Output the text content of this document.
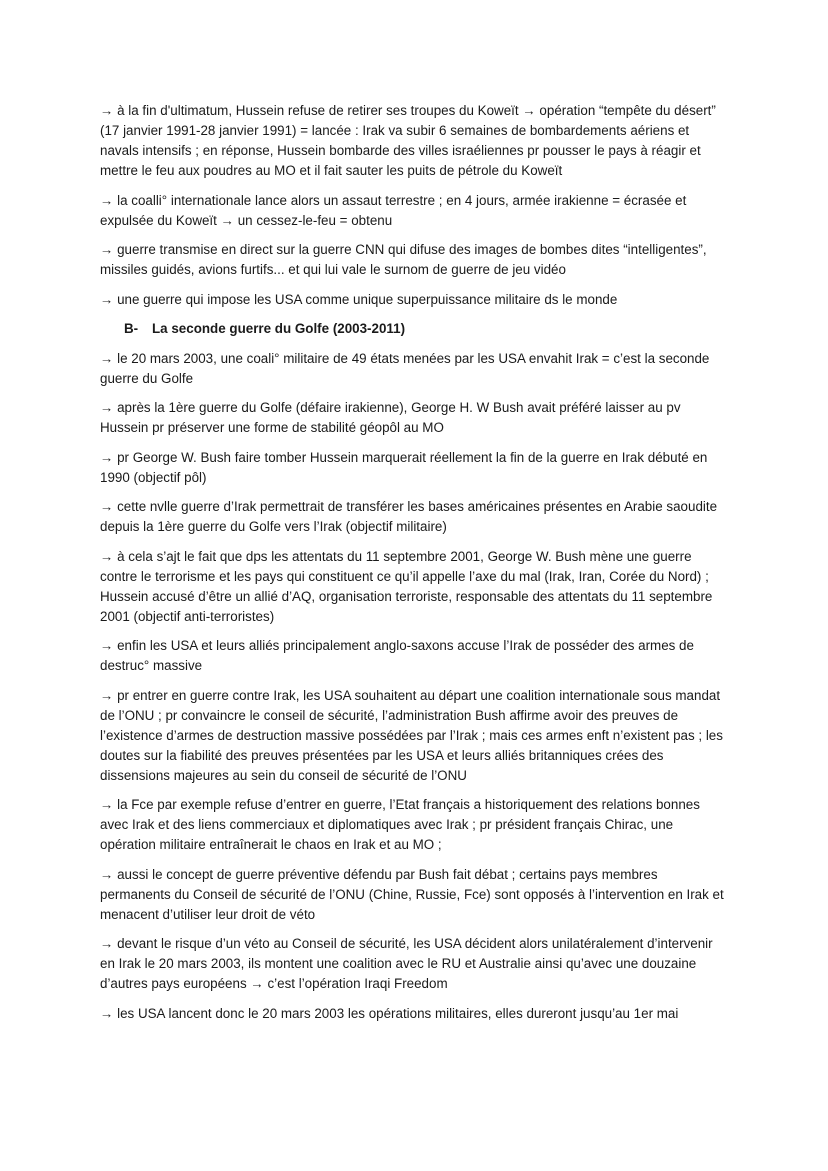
→ à la fin d'ultimatum, Hussein refuse de retirer ses troupes du Koweït → opération “tempête du désert” (17 janvier 1991-28 janvier 1991) = lancée : Irak va subir 6 semaines de bombardements aériens et navals intensifs ; en réponse, Hussein bombarde des villes israéliennes pr pousser le pays à réagir et mettre le feu aux poudres au MO et il fait sauter les puits de pétrole du Koweït

→ la coalli° internationale lance alors un assaut terrestre ; en 4 jours, armée irakienne = écrasée et expulsée du Koweït → un cessez-le-feu = obtenu

→ guerre transmise en direct sur la guerre CNN qui difuse des images de bombes dites “intelligentes”, missiles guidés, avions furtifs... et qui lui vale le surnom de guerre de jeu vidéo

→ une guerre qui impose les USA comme unique superpuissance militaire ds le monde

B- La seconde guerre du Golfe (2003-2011)

→ le 20 mars 2003, une coali° militaire de 49 états menées par les USA envahit Irak = c’est la seconde guerre du Golfe

→ après la 1ère guerre du Golfe (défaire irakienne), George H. W Bush avait préféré laisser au pv Hussein pr préserver une forme de stabilité géopôl au MO

→ pr George W. Bush faire tomber Hussein marquerait réellement la fin de la guerre en Irak débuté en 1990 (objectif pôl)

→ cette nvlle guerre d’Irak permettrait de transférer les bases américaines présentes en Arabie saoudite depuis la 1ère guerre du Golfe vers l’Irak (objectif militaire)

→ à cela s’ajt le fait que dps les attentats du 11 septembre 2001, George W. Bush mène une guerre contre le terrorisme et les pays qui constituent ce qu’il appelle l’axe du mal (Irak, Iran, Corée du Nord) ; Hussein accusé d’être un allié d’AQ, organisation terroriste, responsable des attentats du 11 septembre 2001 (objectif anti-terroristes)

→ enfin les USA et leurs alliés principalement anglo-saxons accuse l’Irak de posséder des armes de destruc° massive

→ pr entrer en guerre contre Irak, les USA souhaitent au départ une coalition internationale sous mandat de l’ONU ; pr convaincre le conseil de sécurité, l’administration Bush affirme avoir des preuves de l’existence d’armes de destruction massive possédées par l’Irak ; mais ces armes enft n’existent pas ; les doutes sur la fiabilité des preuves présentées par les USA et leurs alliés britanniques crées des dissensions majeures au sein du conseil de sécurité de l’ONU

→ la Fce par exemple refuse d’entrer en guerre, l’Etat français a historiquement des relations bonnes avec Irak et des liens commerciaux et diplomatiques avec Irak ; pr président français Chirac, une opération militaire entraînerait le chaos en Irak et au MO ;

→ aussi le concept de guerre préventive défendu par Bush fait débat ; certains pays membres permanents du Conseil de sécurité de l’ONU (Chine, Russie, Fce) sont opposés à l’intervention en Irak et menacent d’utiliser leur droit de véto

→ devant le risque d’un véto au Conseil de sécurité, les USA décident alors unilatéralement d’intervenir en Irak le 20 mars 2003, ils montent une coalition avec le RU et Australie ainsi qu’avec une douzaine d’autres pays européens → c’est l’opération Iraqi Freedom

→ les USA lancent donc le 20 mars 2003 les opérations militaires, elles dureront jusqu’au 1er mai
